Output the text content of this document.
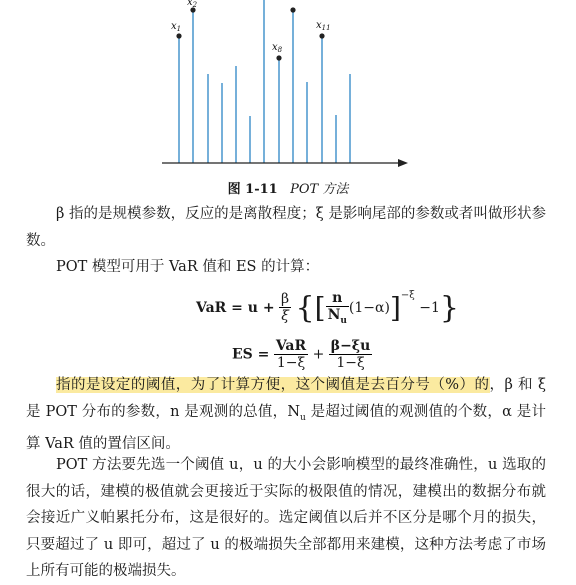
$x_1$
$x_2$
$x_8$
$x_{11}$
图 1-11 POT 方法

β 指的是规模参数，反应的是离散程度；ξ 是影响尾部的参数或者叫做形状参数。

POT 模型可用于 VaR 值和 ES 的计算：

VaR = $u + \frac{\beta}{\xi}$ {[ $\frac{n}{N_u} (1-\alpha)]^{-\xi} -1$}
ES = $\frac{\text{VaR}}{1-\xi} + \frac{\beta-\xi u}{1-\xi}$

指的是设定的阈值，为了计算方便，这个阈值是去百分号（%）的，β 和 ξ 是 POT 分布的参数，n 是观测的总值，$N_u$ 是超过阈值的观测值的个数，α 是计算 VaR 值的置信区间。

POT 方法要先选一个阈值 u，u 的大小会影响模型的最终准确性，u 选取的很大的话，建模的极值就会更接近于实际的极限值的情况，建模出的数据分布就会接近广义帕累托分布，这是很好的。选定阈值以后并不区分是哪个月的损失，只要超过了 u 即可，超过了 u 的极端损失全部都用来建模，这种方法考虑了市场上所有可能的极端损失。
